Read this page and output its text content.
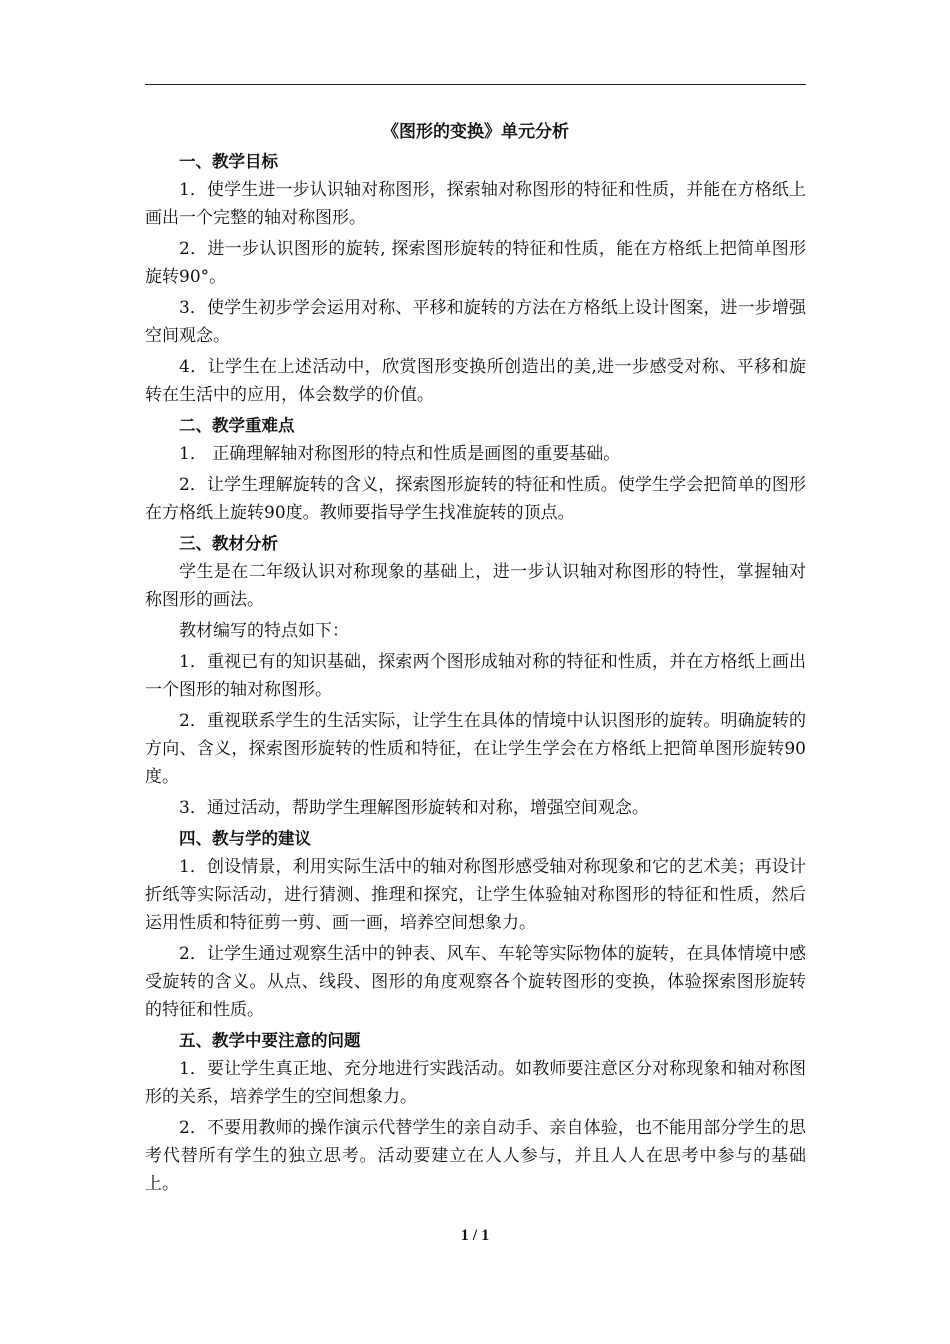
《图形的变换》单元分析
一、教学目标

1．使学生进一步认识轴对称图形，探索轴对称图形的特征和性质，并能在方格纸上画出一个完整的轴对称图形。

2．进一步认识图形的旋转, 探索图形旋转的特征和性质，能在方格纸上把简单图形旋转90°。

3．使学生初步学会运用对称、平移和旋转的方法在方格纸上设计图案，进一步增强空间观念。

4．让学生在上述活动中，欣赏图形变换所创造出的美,进一步感受对称、平移和旋转在生活中的应用，体会数学的价值。

二、教学重难点

1． 正确理解轴对称图形的特点和性质是画图的重要基础。

2．让学生理解旋转的含义，探索图形旋转的特征和性质。使学生学会把简单的图形在方格纸上旋转90度。教师要指导学生找准旋转的顶点。

三、教材分析

学生是在二年级认识对称现象的基础上，进一步认识轴对称图形的特性，掌握轴对称图形的画法。

教材编写的特点如下：

1．重视已有的知识基础，探索两个图形成轴对称的特征和性质，并在方格纸上画出一个图形的轴对称图形。

2．重视联系学生的生活实际，让学生在具体的情境中认识图形的旋转。明确旋转的方向、含义，探索图形旋转的性质和特征，在让学生学会在方格纸上把简单图形旋转90度。

3．通过活动，帮助学生理解图形旋转和对称，增强空间观念。

四、教与学的建议

1．创设情景，利用实际生活中的轴对称图形感受轴对称现象和它的艺术美；再设计折纸等实际活动，进行猜测、推理和探究，让学生体验轴对称图形的特征和性质，然后运用性质和特征剪一剪、画一画，培养空间想象力。

2．让学生通过观察生活中的钟表、风车、车轮等实际物体的旋转，在具体情境中感受旋转的含义。从点、线段、图形的角度观察各个旋转图形的变换，体验探索图形旋转的特征和性质。

五、教学中要注意的问题

1．要让学生真正地、充分地进行实践活动。如教师要注意区分对称现象和轴对称图形的关系，培养学生的空间想象力。

2．不要用教师的操作演示代替学生的亲自动手、亲自体验，也不能用部分学生的思考代替所有学生的独立思考。活动要建立在人人参与，并且人人在思考中参与的基础上。

1 / 1
